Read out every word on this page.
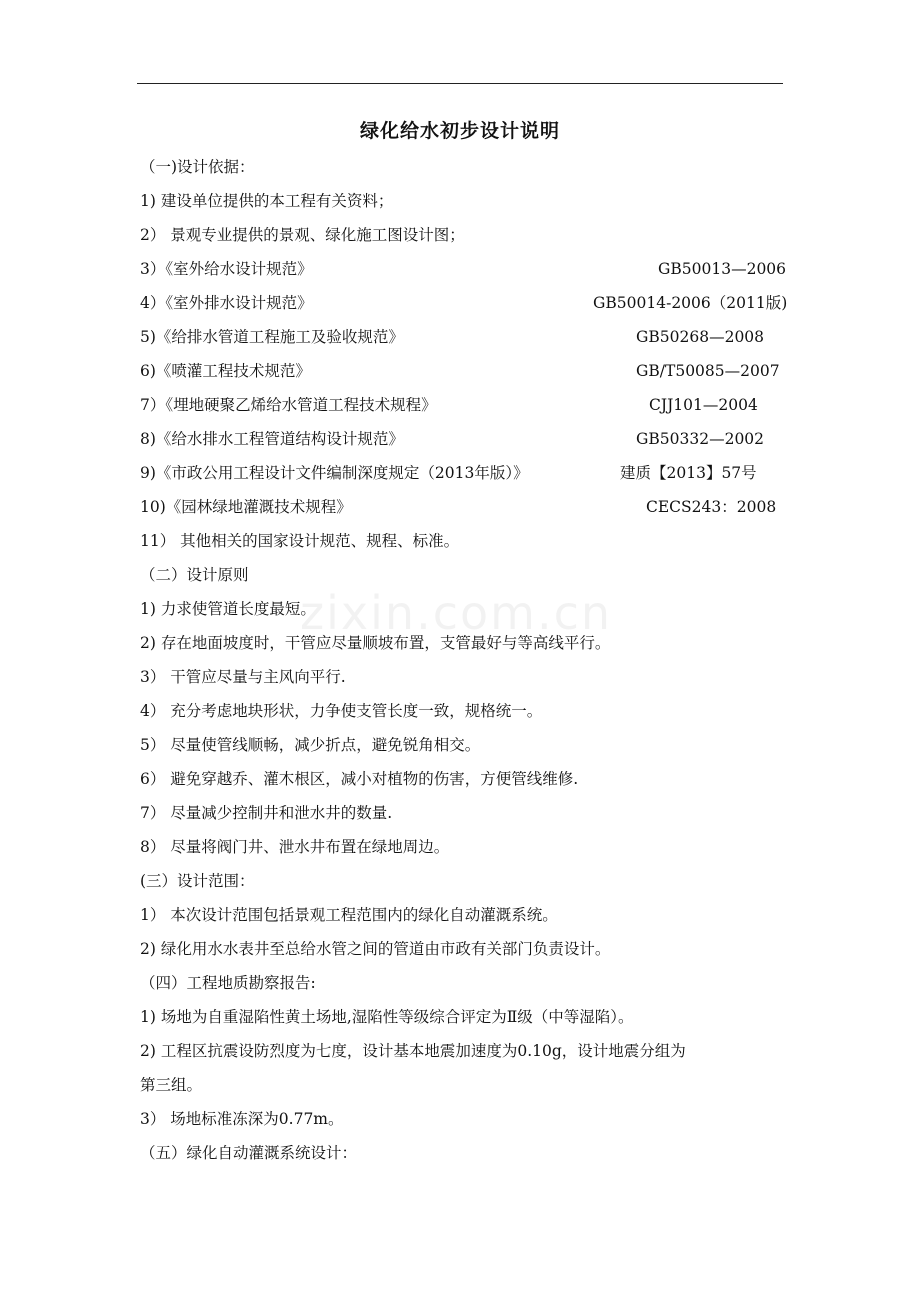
zixin.com.cn
绿化给水初步设计说明
（一)设计依据：
1) 建设单位提供的本工程有关资料；
2） 景观专业提供的景观、绿化施工图设计图；
3）《室外给水设计规范》	GB50013—2006
4）《室外排水设计规范》	GB50014-2006（2011版)
5)《给排水管道工程施工及验收规范》	GB50268—2008
6)《喷灌工程技术规范》	GB/T50085—2007
7）《埋地硬聚乙烯给水管道工程技术规程》	CJJ101—2004
8)《给水排水工程管道结构设计规范》	GB50332—2002
9)《市政公用工程设计文件编制深度规定（2013年版）》	建质【2013】57号
10)《园林绿地灌溉技术规程》	CECS243：2008
11） 其他相关的国家设计规范、规程、标准。
（二）设计原则
1) 力求使管道长度最短。
2) 存在地面坡度时，干管应尽量顺坡布置，支管最好与等高线平行。
3） 干管应尽量与主风向平行.
4） 充分考虑地块形状，力争使支管长度一致，规格统一。
5） 尽量使管线顺畅，减少折点，避免锐角相交。
6） 避免穿越乔、灌木根区，减小对植物的伤害，方便管线维修.
7） 尽量减少控制井和泄水井的数量.
8） 尽量将阀门井、泄水井布置在绿地周边。
(三）设计范围：
1） 本次设计范围包括景观工程范围内的绿化自动灌溉系统。
2) 绿化用水水表井至总给水管之间的管道由市政有关部门负责设计。
（四）工程地质勘察报告:
1) 场地为自重湿陷性黄土场地,湿陷性等级综合评定为Ⅱ级（中等湿陷）。
2) 工程区抗震设防烈度为七度，设计基本地震加速度为0.10g，设计地震分组为
第三组。
3） 场地标准冻深为0.77m。
（五）绿化自动灌溉系统设计：
